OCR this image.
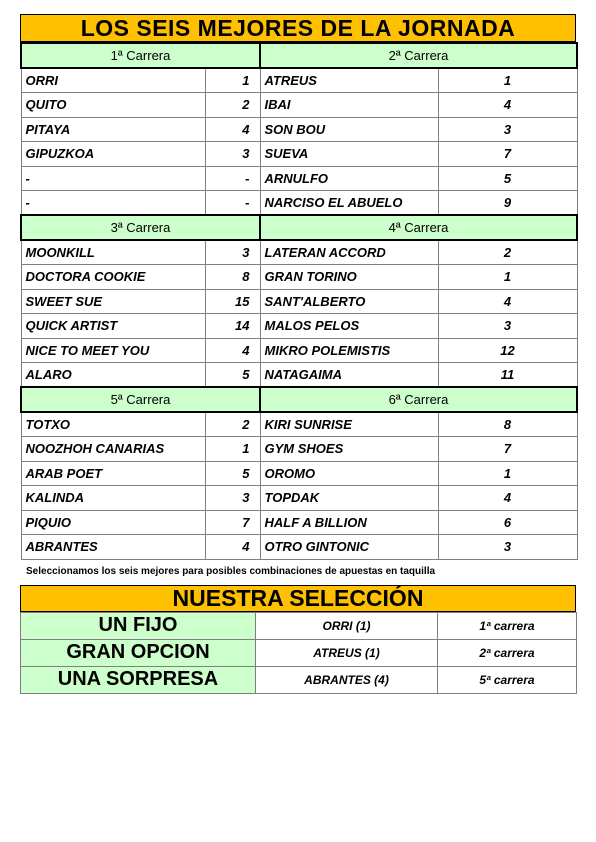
LOS SEIS MEJORES DE LA JORNADA
1ª Carrera		2ª Carrera	
ORRI	1	ATREUS	1
QUITO	2	IBAI	4
PITAYA	4	SON BOU	3
GIPUZKOA	3	SUEVA	7
-	-	ARNULFO	5
-	-	NARCISO EL ABUELO	9
3ª Carrera		4ª Carrera	
MOONKILL	3	LATERAN ACCORD	2
DOCTORA COOKIE	8	GRAN TORINO	1
SWEET SUE	15	SANT'ALBERTO	4
QUICK ARTIST	14	MALOS PELOS	3
NICE TO MEET YOU	4	MIKRO POLEMISTIS	12
ALARO	5	NATAGAIMA	11
5ª Carrera		6ª Carrera	
TOTXO	2	KIRI SUNRISE	8
NOOZHOH CANARIAS	1	GYM SHOES	7
ARAB POET	5	OROMO	1
KALINDA	3	TOPDAK	4
PIQUIO	7	HALF A BILLION	6
ABRANTES	4	OTRO GINTONIC	3
Seleccionamos los seis mejores para posibles combinaciones de apuestas en taquilla
NUESTRA SELECCIÓN
UN FIJO	ORRI (1)	1ª carrera
GRAN OPCION	ATREUS (1)	2ª carrera
UNA SORPRESA	ABRANTES (4)	5ª carrera
